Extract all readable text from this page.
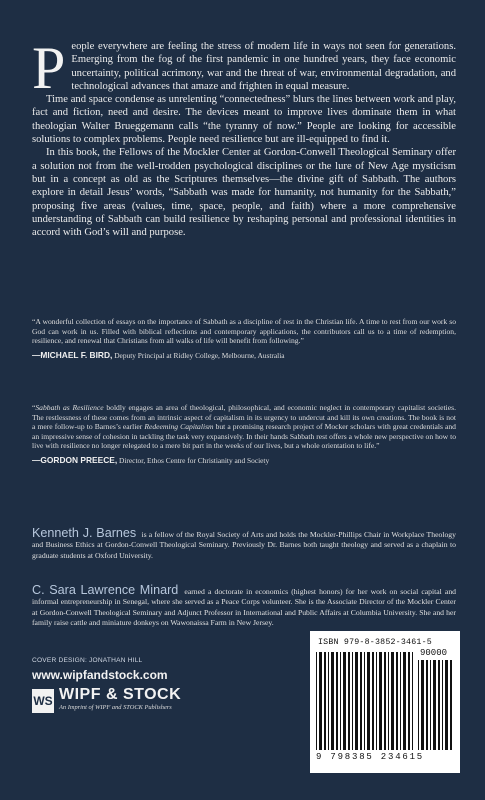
People everywhere are feeling the stress of modern life in ways not seen for generations. Emerging from the fog of the first pandemic in one hundred years, they face economic uncertainty, political acrimony, war and the threat of war, environmental degradation, and technological advances that amaze and frighten in equal measure.

Time and space condense as unrelenting “connectedness” blurs the lines between work and play, fact and fiction, need and desire. The devices meant to improve lives dominate them in what theologian Walter Brueggemann calls “the tyranny of now.” People are looking for accessible solutions to complex problems. People need resilience but are ill-equipped to find it.

In this book, the Fellows of the Mockler Center at Gordon-Conwell Theological Seminary offer a solution not from the well-trodden psychological disciplines or the lure of New Age mysticism but in a concept as old as the Scriptures themselves—the divine gift of Sabbath. The authors explore in detail Jesus’ words, “Sabbath was made for humanity, not humanity for the Sabbath,” proposing five areas (values, time, space, people, and faith) where a more comprehensive understanding of Sabbath can build resilience by reshaping personal and professional identities in accord with God’s will and purpose.

“A wonderful collection of essays on the importance of Sabbath as a discipline of rest in the Christian life. A time to rest from our work so God can work in us. Filled with biblical reflections and contemporary applications, the contributors call us to a time of redemption, resilience, and renewal that Christians from all walks of life will benefit from following.”
—MICHAEL F. BIRD, Deputy Principal at Ridley College, Melbourne, Australia
“Sabbath as Resilience boldly engages an area of theological, philosophical, and economic neglect in contemporary capitalist societies. The restlessness of these comes from an intrinsic aspect of capitalism in its urgency to undercut and kill its own creations. The book is not a mere follow-up to Barnes’s earlier Redeeming Capitalism but a promising research project of Mocker scholars with great credentials and an impressive sense of cohesion in tackling the task very expansively. In their hands Sabbath rest offers a whole new perspective on how to live with resilience no longer relegated to a mere bit part in the weeks of our lives, but a whole orientation to life.”
—GORDON PREECE, Director, Ethos Centre for Christianity and Society
Kenneth J. Barnes is a fellow of the Royal Society of Arts and holds the Mockler-Phillips Chair in Workplace Theology and Business Ethics at Gordon-Conwell Theological Seminary. Previously Dr. Barnes both taught theology and served as a chaplain to graduate students at Oxford University.
C. Sara Lawrence Minard earned a doctorate in economics (highest honors) for her work on social capital and informal entrepreneurship in Senegal, where she served as a Peace Corps volunteer. She is the Associate Director of the Mockler Center at Gordon-Conwell Theological Seminary and Adjunct Professor in International and Public Affairs at Columbia University. She and her family raise cattle and miniature donkeys on Wawonaissa Farm in New Jersey.
COVER DESIGN: JONATHAN HILL
www.wipfandstock.com
WS WIPF & STOCK
An Imprint of WIPF and STOCK Publishers
ISBN 979-8-3852-3461-5
90000
9 798385 234615
